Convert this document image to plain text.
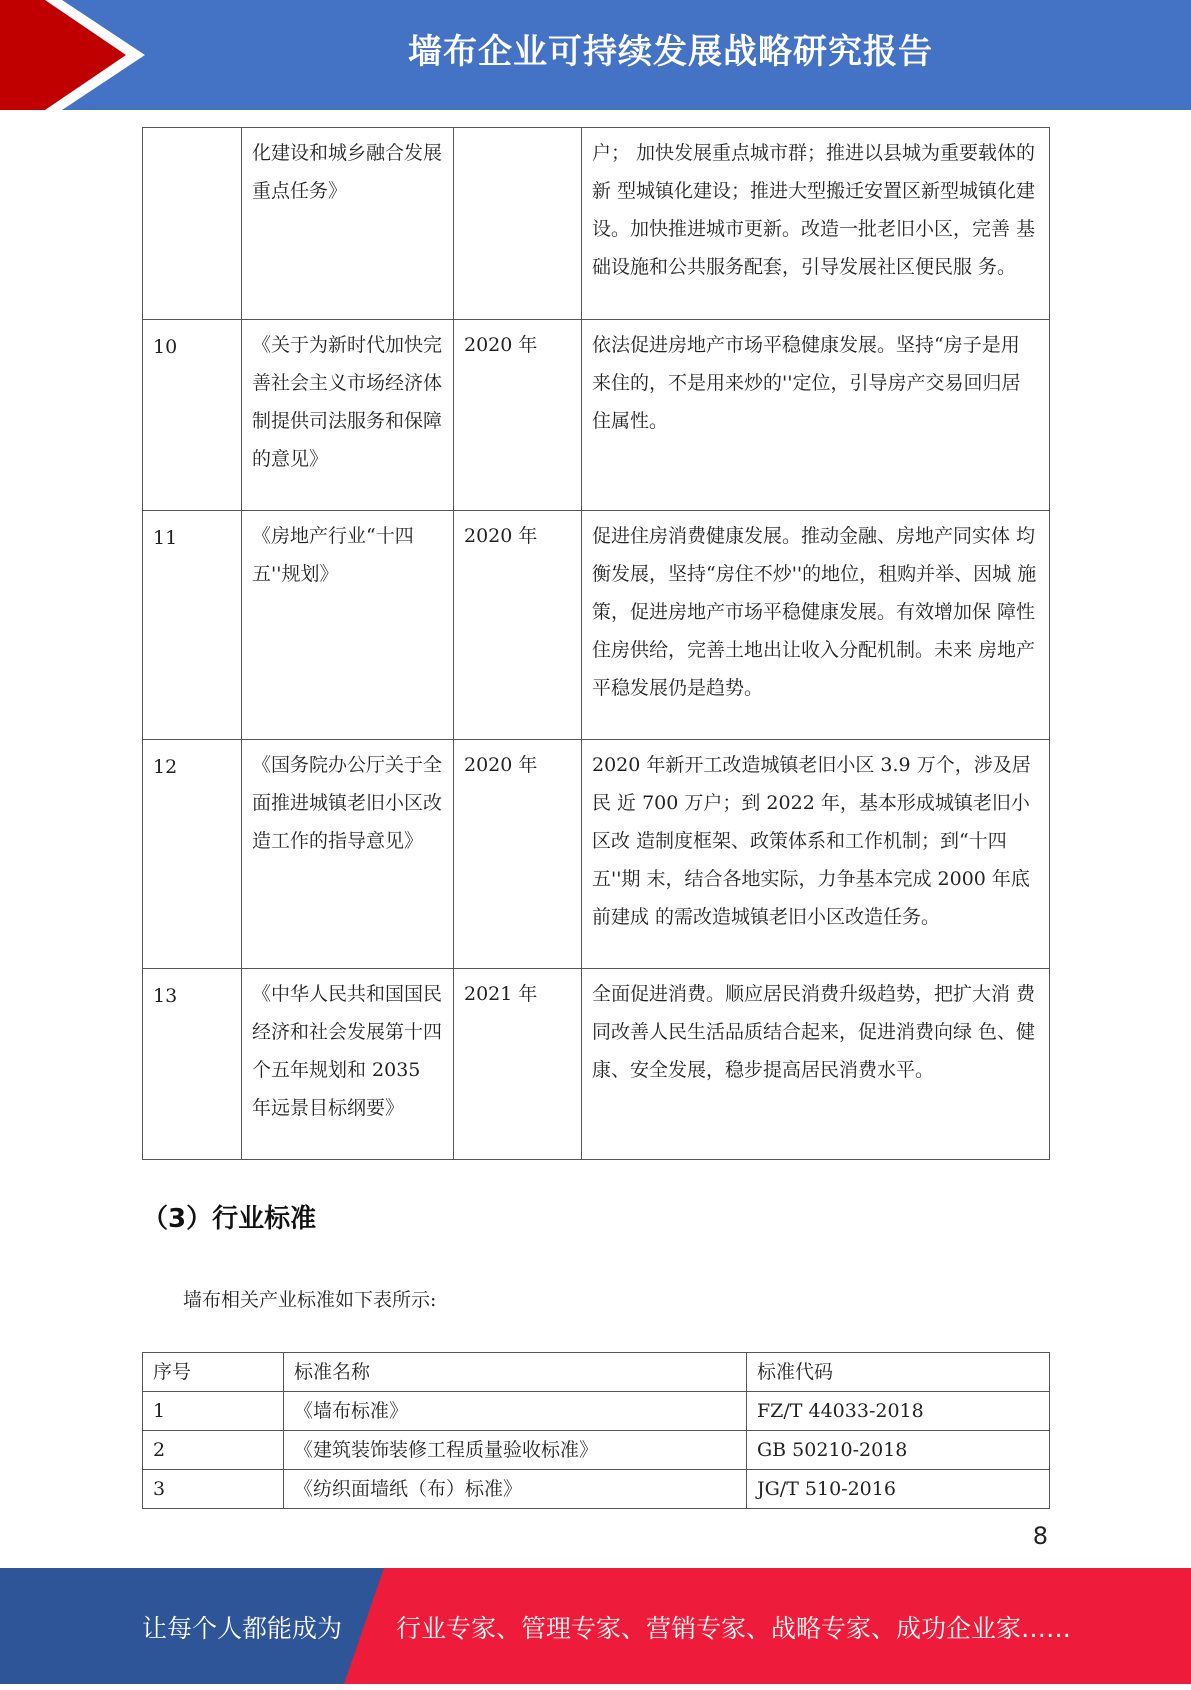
墙布企业可持续发展战略研究报告
	化建设和城乡融合发展重点任务》		户； 加快发展重点城市群；推进以县城为重要载体的新 型城镇化建设；推进大型搬迁安置区新型城镇化建 设。加快推进城市更新。改造一批老旧小区，完善 基础设施和公共服务配套，引导发展社区便民服 务。
10	《关于为新时代加快完善社会主义市场经济体制提供司法服务和保障的意见》	2020 年	依法促进房地产市场平稳健康发展。坚持“房子是用 来住的，不是用来炒的''定位，引导房产交易回归居 住属性。
11	《房地产行业“十四五''规划》	2020 年	促进住房消费健康发展。推动金融、房地产同实体 均衡发展，坚持“房住不炒''的地位，租购并举、因城 施策，促进房地产市场平稳健康发展。有效增加保 障性住房供给，完善土地出让收入分配机制。未来 房地产平稳发展仍是趋势。
12	《国务院办公厅关于全面推进城镇老旧小区改造工作的指导意见》	2020 年	2020 年新开工改造城镇老旧小区 3.9 万个，涉及居民 近 700 万户；到 2022 年，基本形成城镇老旧小区改 造制度框架、政策体系和工作机制；到“十四五''期 末，结合各地实际，力争基本完成 2000 年底前建成 的需改造城镇老旧小区改造任务。
13	《中华人民共和国国民经济和社会发展第十四个五年规划和 2035 年远景目标纲要》	2021 年	全面促进消费。顺应居民消费升级趋势，把扩大消 费同改善人民生活品质结合起来，促进消费向绿 色、健康、安全发展，稳步提高居民消费水平。
（3）行业标准
墙布相关产业标准如下表所示:
序号	标准名称	标准代码
1	《墙布标准》	FZ/T 44033-2018
2	《建筑装饰装修工程质量验收标准》	GB 50210-2018
3	《纺织面墙纸（布）标准》	JG/T 510-2016
8
让每个人都能成为 行业专家、管理专家、营销专家、战略专家、成功企业家……
